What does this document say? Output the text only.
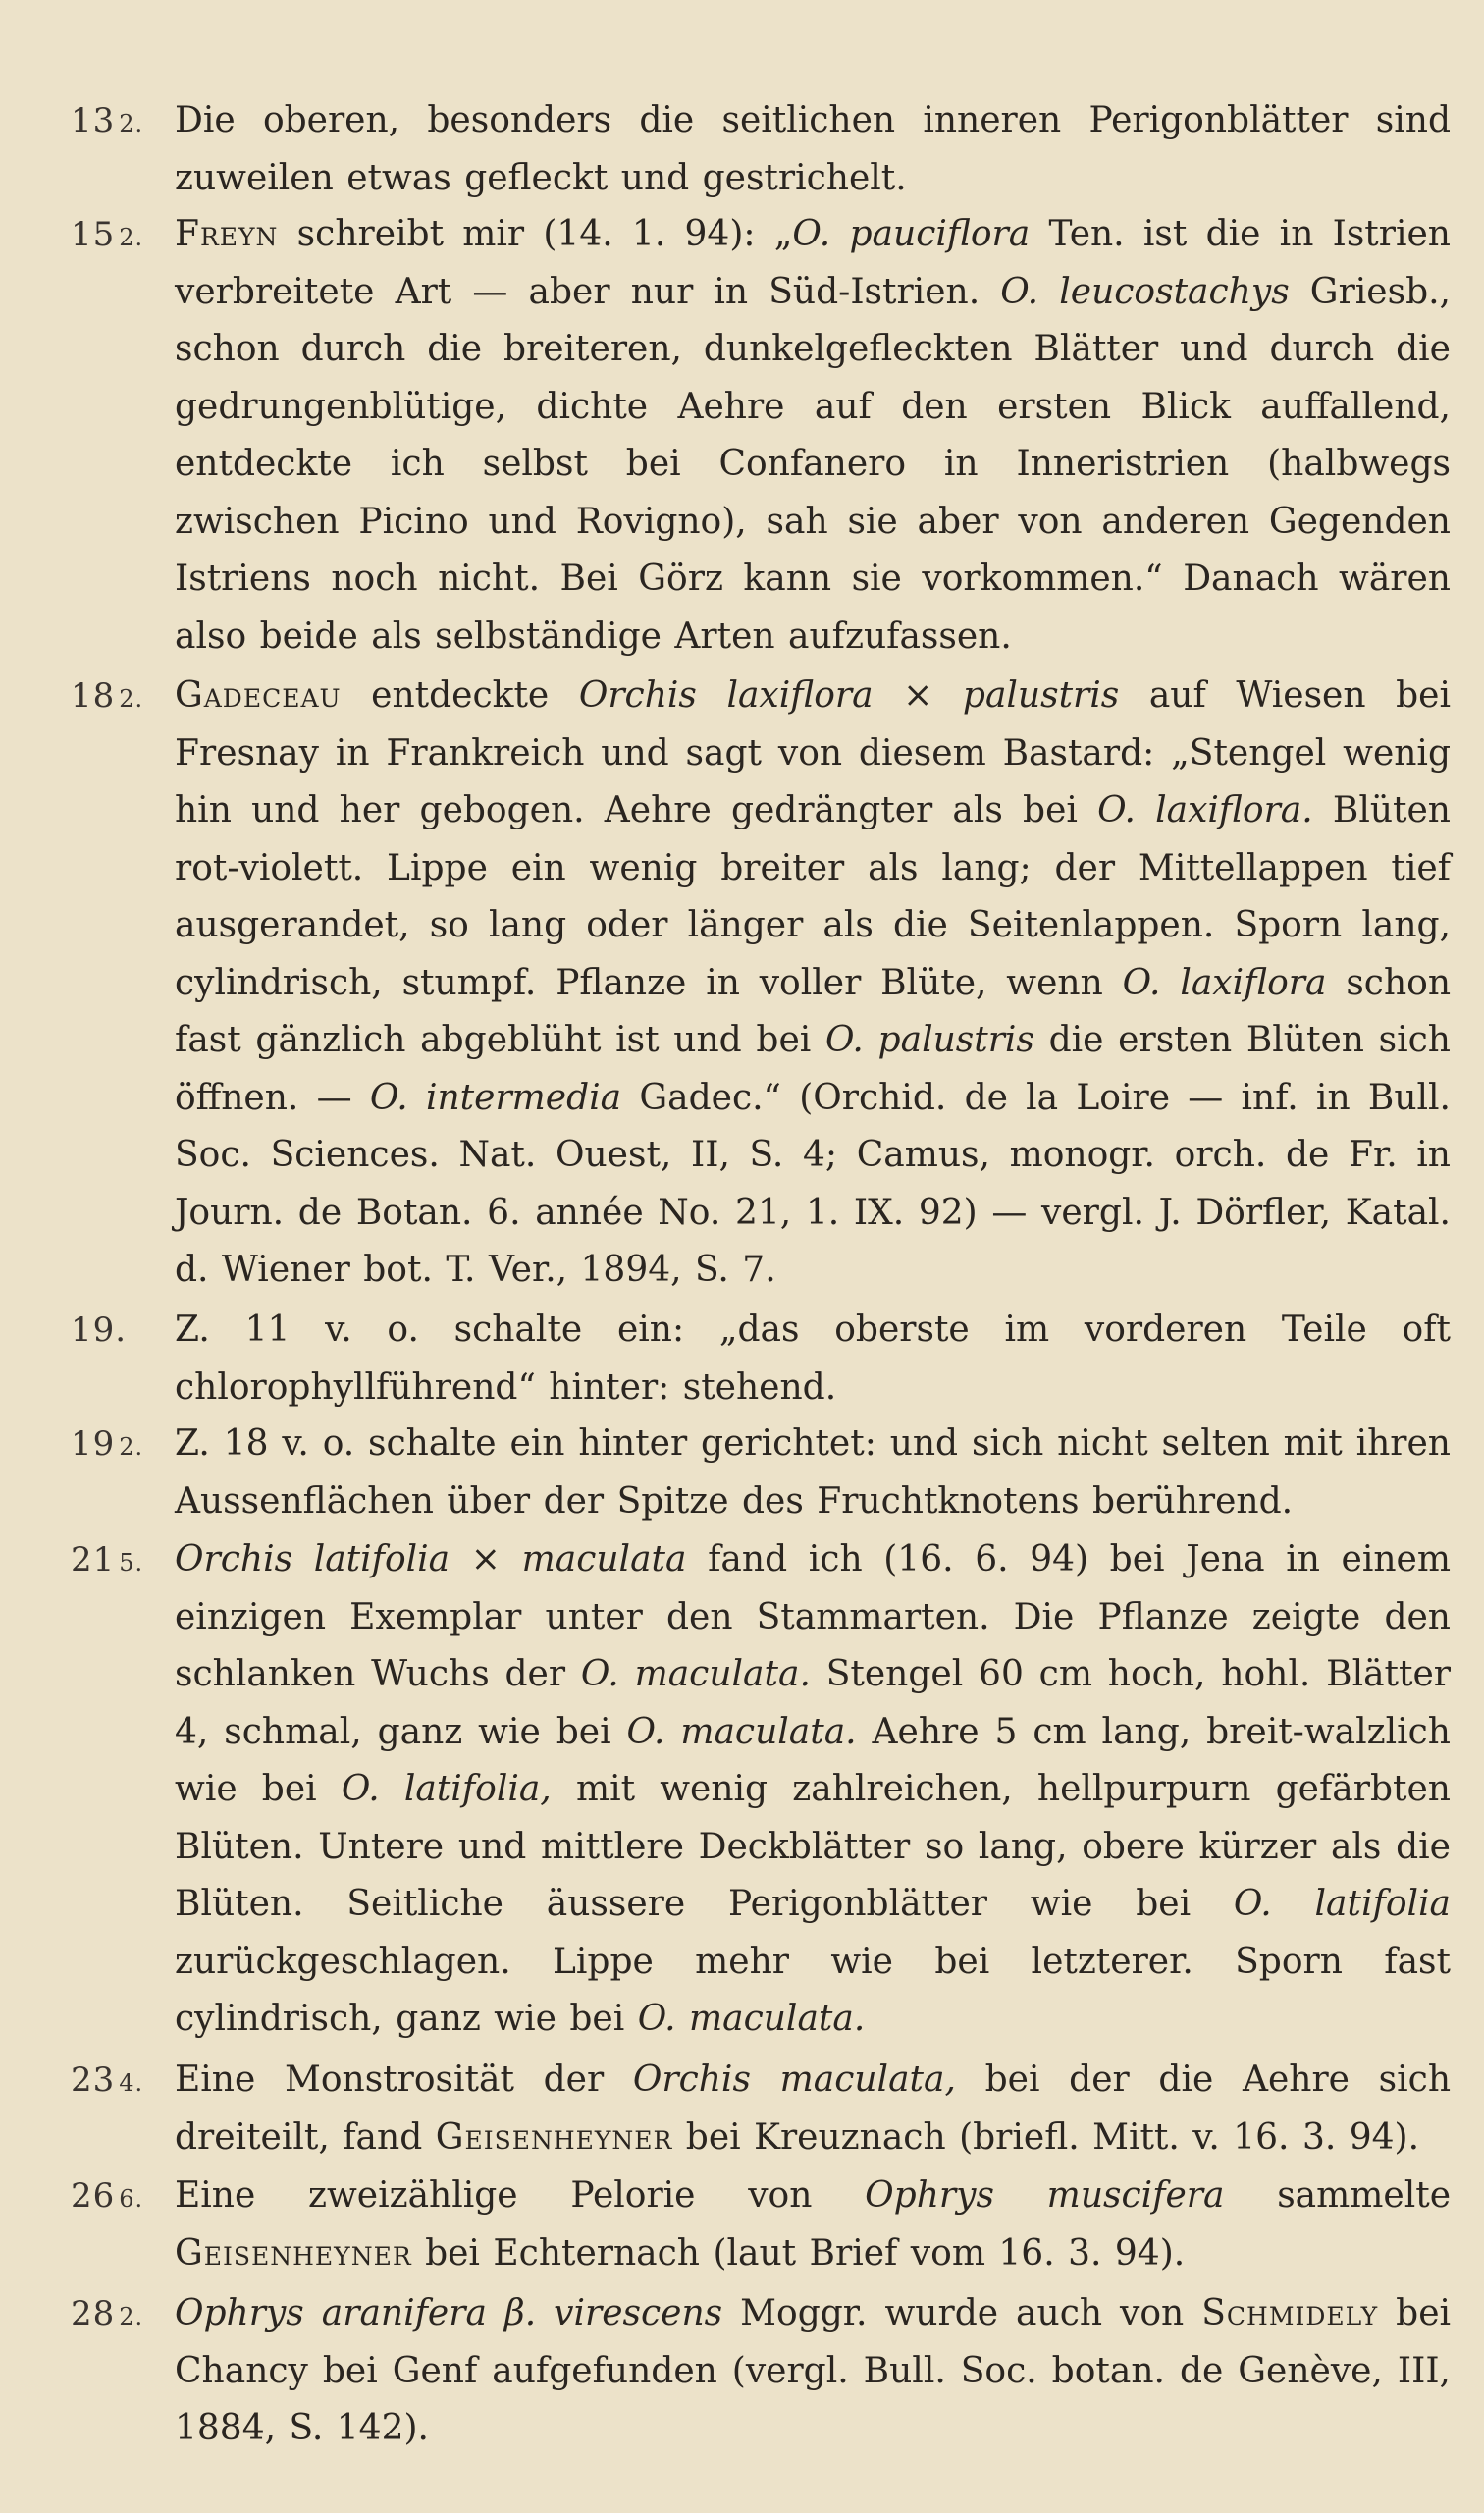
13 2. Die oberen, besonders die seitlichen inneren Perigonblätter sind zuweilen etwas gefleckt und gestrichelt.
15 2. Freyn schreibt mir (14. 1. 94): „O. pauciflora Ten. ist die in Istrien verbreitete Art — aber nur in Süd-Istrien. O. leucostachys Griesb., schon durch die breiteren, dunkelgefleckten Blätter und durch die gedrungenblütige, dichte Aehre auf den ersten Blick auffallend, entdeckte ich selbst bei Confanero in Inneristrien (halbwegs zwischen Picino und Rovigno), sah sie aber von anderen Gegenden Istriens noch nicht. Bei Görz kann sie vorkommen.“ Danach wären also beide als selbständige Arten aufzufassen.
18 2. Gadeceau entdeckte Orchis laxiflora × palustris auf Wiesen bei Fresnay in Frankreich und sagt von diesem Bastard: „Stengel wenig hin und her gebogen. Aehre gedrängter als bei O. laxiflora. Blüten rot-violett. Lippe ein wenig breiter als lang; der Mittellappen tief ausgerandet, so lang oder länger als die Seitenlappen. Sporn lang, cylindrisch, stumpf. Pflanze in voller Blüte, wenn O. laxiflora schon fast gänzlich abgeblüht ist und bei O. palustris die ersten Blüten sich öffnen. — O. intermedia Gadec.“ (Orchid. de la Loire — inf. in Bull. Soc. Sciences. Nat. Ouest, II, S. 4; Camus, monogr. orch. de Fr. in Journ. de Botan. 6. année No. 21, 1. IX. 92) — vergl. J. Dörfler, Katal. d. Wiener bot. T. Ver., 1894, S. 7.
19. Z. 11 v. o. schalte ein: „das oberste im vorderen Teile oft chlorophyllführend“ hinter: stehend.
19 2. Z. 18 v. o. schalte ein hinter gerichtet: und sich nicht selten mit ihren Aussenflächen über der Spitze des Fruchtknotens berührend.
21 5. Orchis latifolia × maculata fand ich (16. 6. 94) bei Jena in einem einzigen Exemplar unter den Stammarten. Die Pflanze zeigte den schlanken Wuchs der O. maculata. Stengel 60 cm hoch, hohl. Blätter 4, schmal, ganz wie bei O. maculata. Aehre 5 cm lang, breit-walzlich wie bei O. latifolia, mit wenig zahlreichen, hellpurpurn gefärbten Blüten. Untere und mittlere Deckblätter so lang, obere kürzer als die Blüten. Seitliche äussere Perigonblätter wie bei O. latifolia zurückgeschlagen. Lippe mehr wie bei letzterer. Sporn fast cylindrisch, ganz wie bei O. maculata.
23 4. Eine Monstrosität der Orchis maculata, bei der die Aehre sich dreiteilt, fand Geisenheyner bei Kreuznach (briefl. Mitt. v. 16. 3. 94).
26 6. Eine zweizählige Pelorie von Ophrys muscifera sammelte Geisenheyner bei Echternach (laut Brief vom 16. 3. 94).
28 2. Ophrys aranifera β. virescens Moggr. wurde auch von Schmidely bei Chancy bei Genf aufgefunden (vergl. Bull. Soc. botan. de Genève, III, 1884, S. 142).
